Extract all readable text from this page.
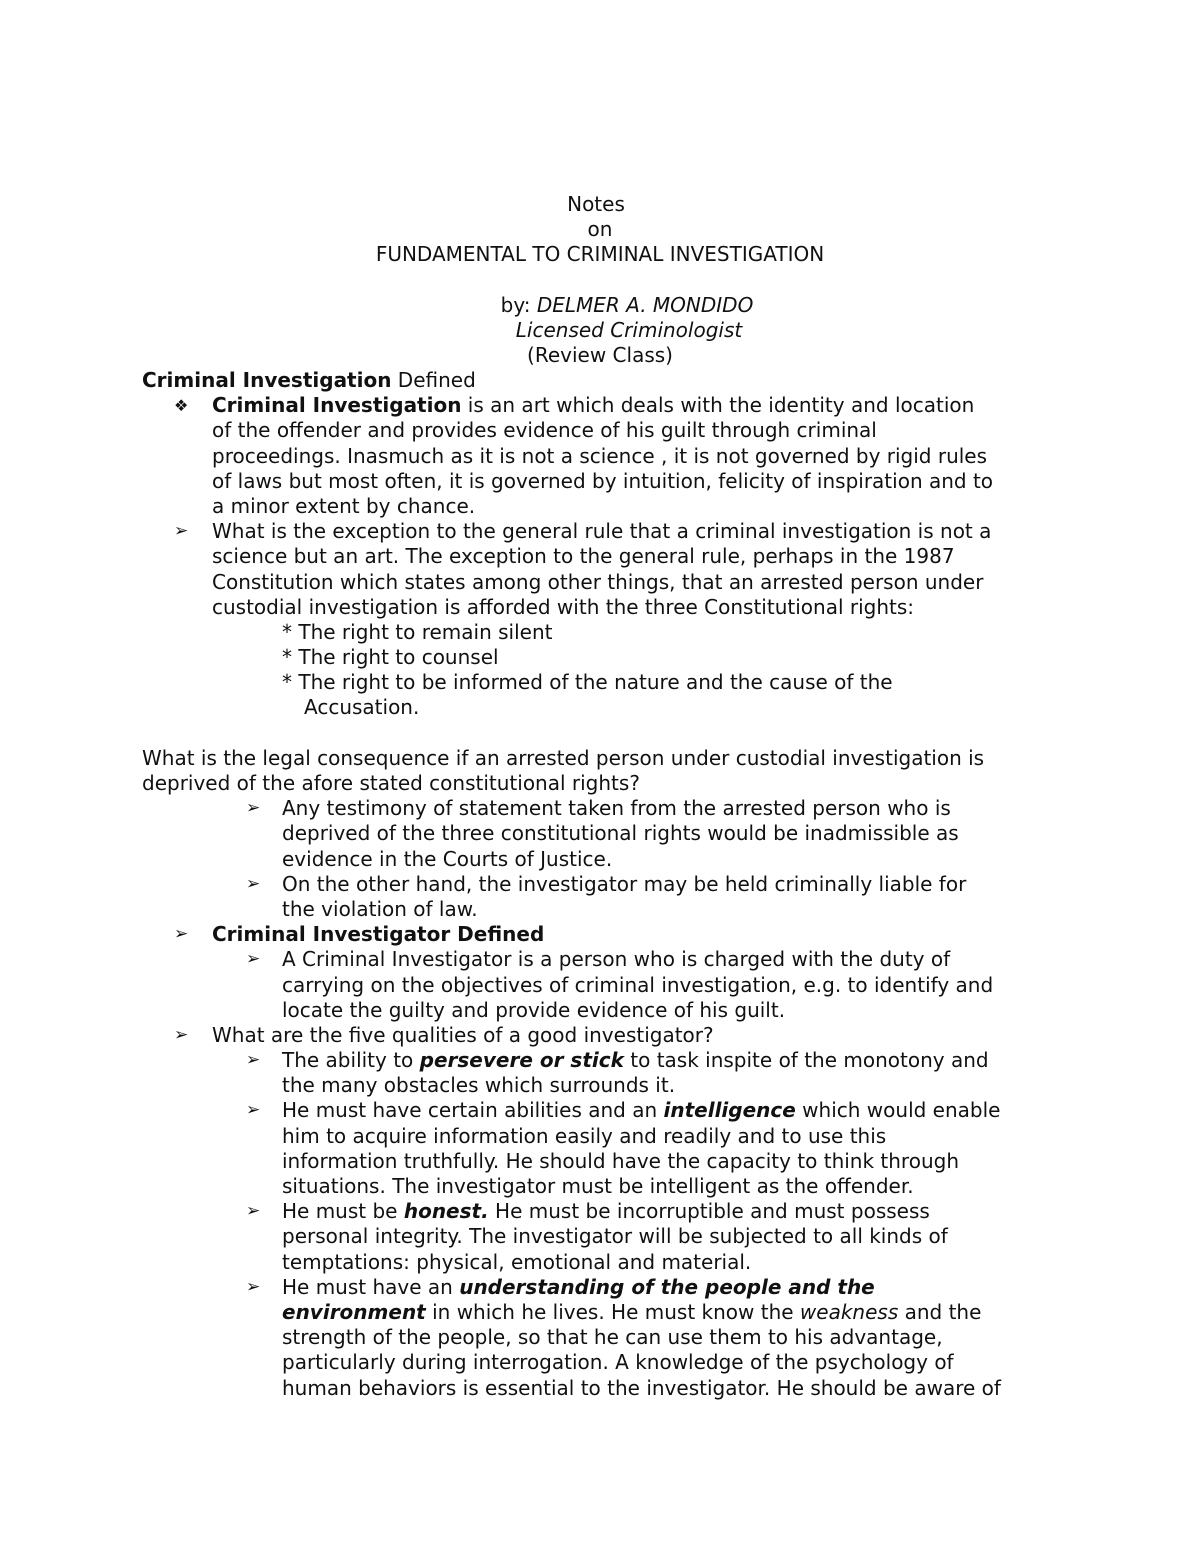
Notes
on
FUNDAMENTAL TO CRIMINAL INVESTIGATION
by: DELMER A. MONDIDO
Licensed Criminologist
(Review Class)
Criminal Investigation Defined
❖	Criminal Investigation is an art which deals with the identity and location
of the offender and provides evidence of his guilt through criminal
proceedings. Inasmuch as it is not a science , it is not governed by rigid rules
of laws but most often, it is governed by intuition, felicity of inspiration and to
a minor extent by chance.
➢	What is the exception to the general rule that a criminal investigation is not a
science but an art. The exception to the general rule, perhaps in the 1987
Constitution which states among other things, that an arrested person under
custodial investigation is afforded with the three Constitutional rights:
* The right to remain silent
* The right to counsel
* The right to be informed of the nature and the cause of the
Accusation.
What is the legal consequence if an arrested person under custodial investigation is
deprived of the afore stated constitutional rights?
➢	Any testimony of statement taken from the arrested person who is
deprived of the three constitutional rights would be inadmissible as
evidence in the Courts of Justice.
➢	On the other hand, the investigator may be held criminally liable for
the violation of law.
➢	Criminal Investigator Defined
➢	A Criminal Investigator is a person who is charged with the duty of
carrying on the objectives of criminal investigation, e.g. to identify and
locate the guilty and provide evidence of his guilt.
➢	What are the five qualities of a good investigator?
➢	The ability to persevere or stick to task inspite of the monotony and
the many obstacles which surrounds it.
➢	He must have certain abilities and an intelligence which would enable
him to acquire information easily and readily and to use this
information truthfully. He should have the capacity to think through
situations. The investigator must be intelligent as the offender.
➢	He must be honest. He must be incorruptible and must possess
personal integrity. The investigator will be subjected to all kinds of
temptations: physical, emotional and material.
➢	He must have an understanding of the people and the
environment in which he lives. He must know the weakness and the
strength of the people, so that he can use them to his advantage,
particularly during interrogation. A knowledge of the psychology of
human behaviors is essential to the investigator. He should be aware of
